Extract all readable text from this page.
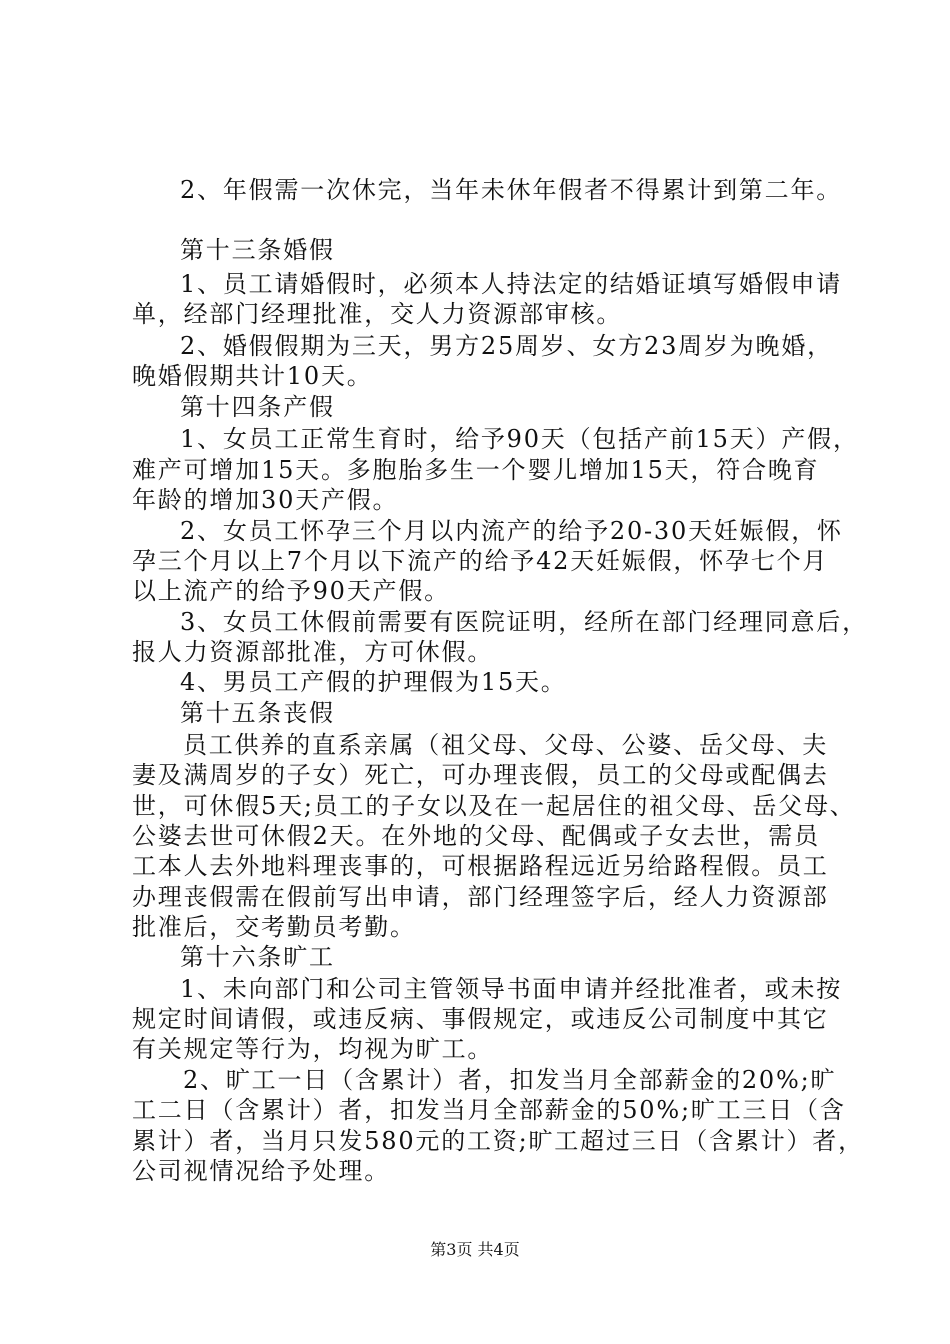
2、年假需一次休完，当年未休年假者不得累计到第二年。
第十三条婚假
1、员工请婚假时，必须本人持法定的结婚证填写婚假申请
单，经部门经理批准，交人力资源部审核。
2、婚假假期为三天，男方25周岁、女方23周岁为晚婚，
晚婚假期共计10天。
第十四条产假
1、女员工正常生育时，给予90天（包括产前15天）产假，
难产可增加15天。多胞胎多生一个婴儿增加15天，符合晚育
年龄的增加30天产假。
2、女员工怀孕三个月以内流产的给予20-30天妊娠假，怀
孕三个月以上7个月以下流产的给予42天妊娠假，怀孕七个月
以上流产的给予90天产假。
3、女员工休假前需要有医院证明，经所在部门经理同意后，
报人力资源部批准，方可休假。
4、男员工产假的护理假为15天。
第十五条丧假
员工供养的直系亲属（祖父母、父母、公婆、岳父母、夫
妻及满周岁的子女）死亡，可办理丧假，员工的父母或配偶去
世，可休假5天;员工的子女以及在一起居住的祖父母、岳父母、
公婆去世可休假2天。在外地的父母、配偶或子女去世，需员
工本人去外地料理丧事的，可根据路程远近另给路程假。员工
办理丧假需在假前写出申请，部门经理签字后，经人力资源部
批准后，交考勤员考勤。
第十六条旷工
1、未向部门和公司主管领导书面申请并经批准者，或未按
规定时间请假，或违反病、事假规定，或违反公司制度中其它
有关规定等行为，均视为旷工。
2、旷工一日（含累计）者，扣发当月全部薪金的20%;旷
工二日（含累计）者，扣发当月全部薪金的50%;旷工三日（含
累计）者，当月只发580元的工资;旷工超过三日（含累计）者，
公司视情况给予处理。
第3页 共4页
